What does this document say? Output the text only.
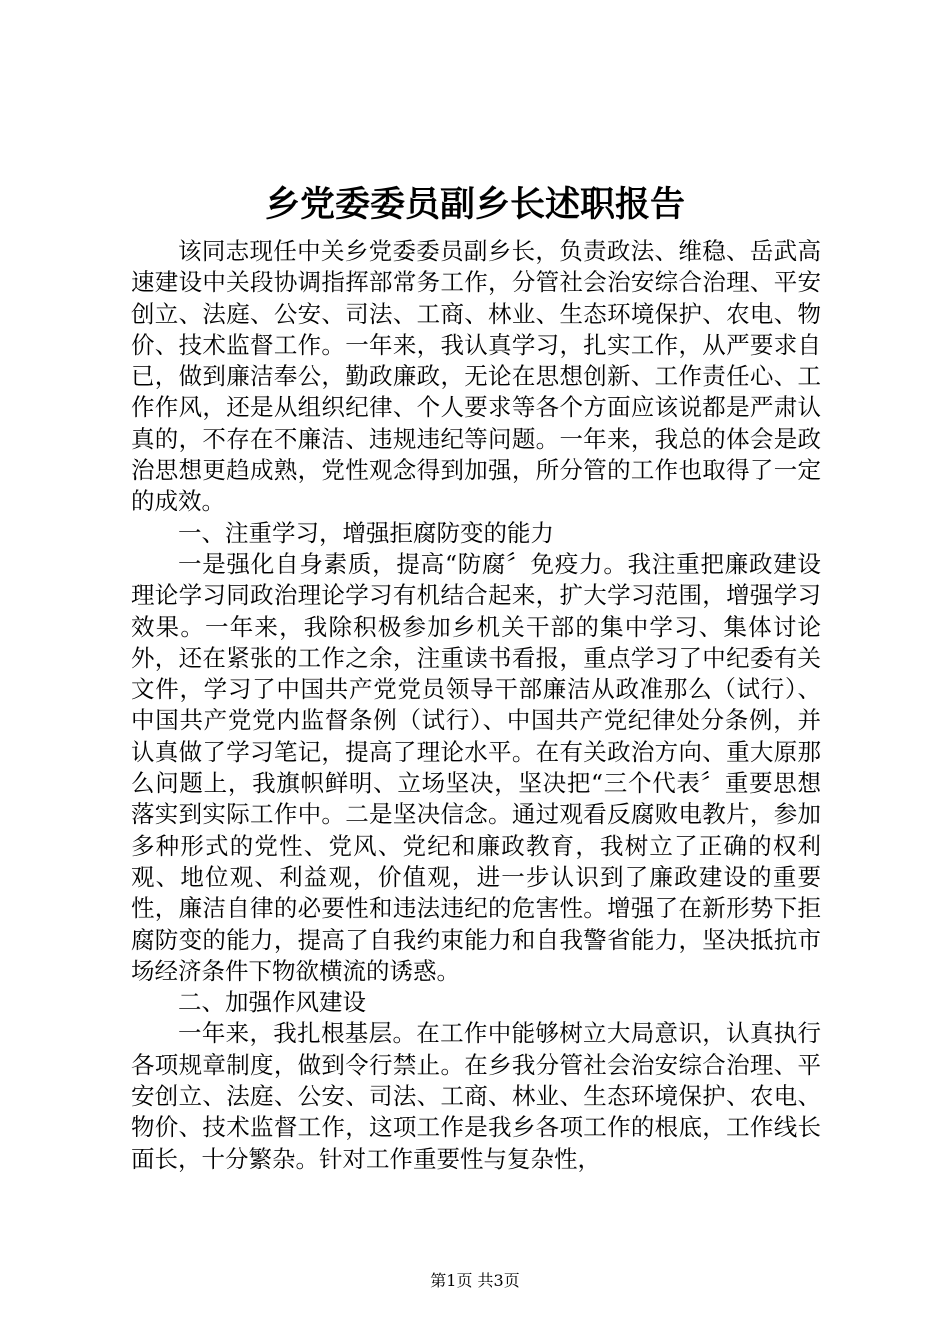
乡党委委员副乡长述职报告

该同志现任中关乡党委委员副乡长，负责政法、维稳、岳武高速建设中关段协调指挥部常务工作，分管社会治安综合治理、平安创立、法庭、公安、司法、工商、林业、生态环境保护、农电、物价、技术监督工作。一年来，我认真学习，扎实工作，从严要求自已，做到廉洁奉公，勤政廉政，无论在思想创新、工作责任心、工作作风，还是从组织纪律、个人要求等各个方面应该说都是严肃认真的，不存在不廉洁、违规违纪等问题。一年来，我总的体会是政治思想更趋成熟，党性观念得到加强，所分管的工作也取得了一定的成效。

一、注重学习，增强拒腐防变的能力

一是强化自身素质，提高“防腐〞免疫力。我注重把廉政建设理论学习同政治理论学习有机结合起来，扩大学习范围，增强学习效果。一年来，我除积极参加乡机关干部的集中学习、集体讨论外，还在紧张的工作之余，注重读书看报，重点学习了中纪委有关文件，学习了中国共产党党员领导干部廉洁从政准那么（试行）、中国共产党党内监督条例（试行）、中国共产党纪律处分条例，并认真做了学习笔记，提高了理论水平。在有关政治方向、重大原那么问题上，我旗帜鲜明、立场坚决，坚决把“三个代表〞重要思想落实到实际工作中。二是坚决信念。通过观看反腐败电教片，参加多种形式的党性、党风、党纪和廉政教育，我树立了正确的权利观、地位观、利益观，价值观，进一步认识到了廉政建设的重要性，廉洁自律的必要性和违法违纪的危害性。增强了在新形势下拒腐防变的能力，提高了自我约束能力和自我警省能力，坚决抵抗市场经济条件下物欲横流的诱惑。

二、加强作风建设

一年来，我扎根基层。在工作中能够树立大局意识，认真执行各项规章制度，做到令行禁止。在乡我分管社会治安综合治理、平安创立、法庭、公安、司法、工商、林业、生态环境保护、农电、物价、技术监督工作，这项工作是我乡各项工作的根底，工作线长面长，十分繁杂。针对工作重要性与复杂性，

第1页 共3页
